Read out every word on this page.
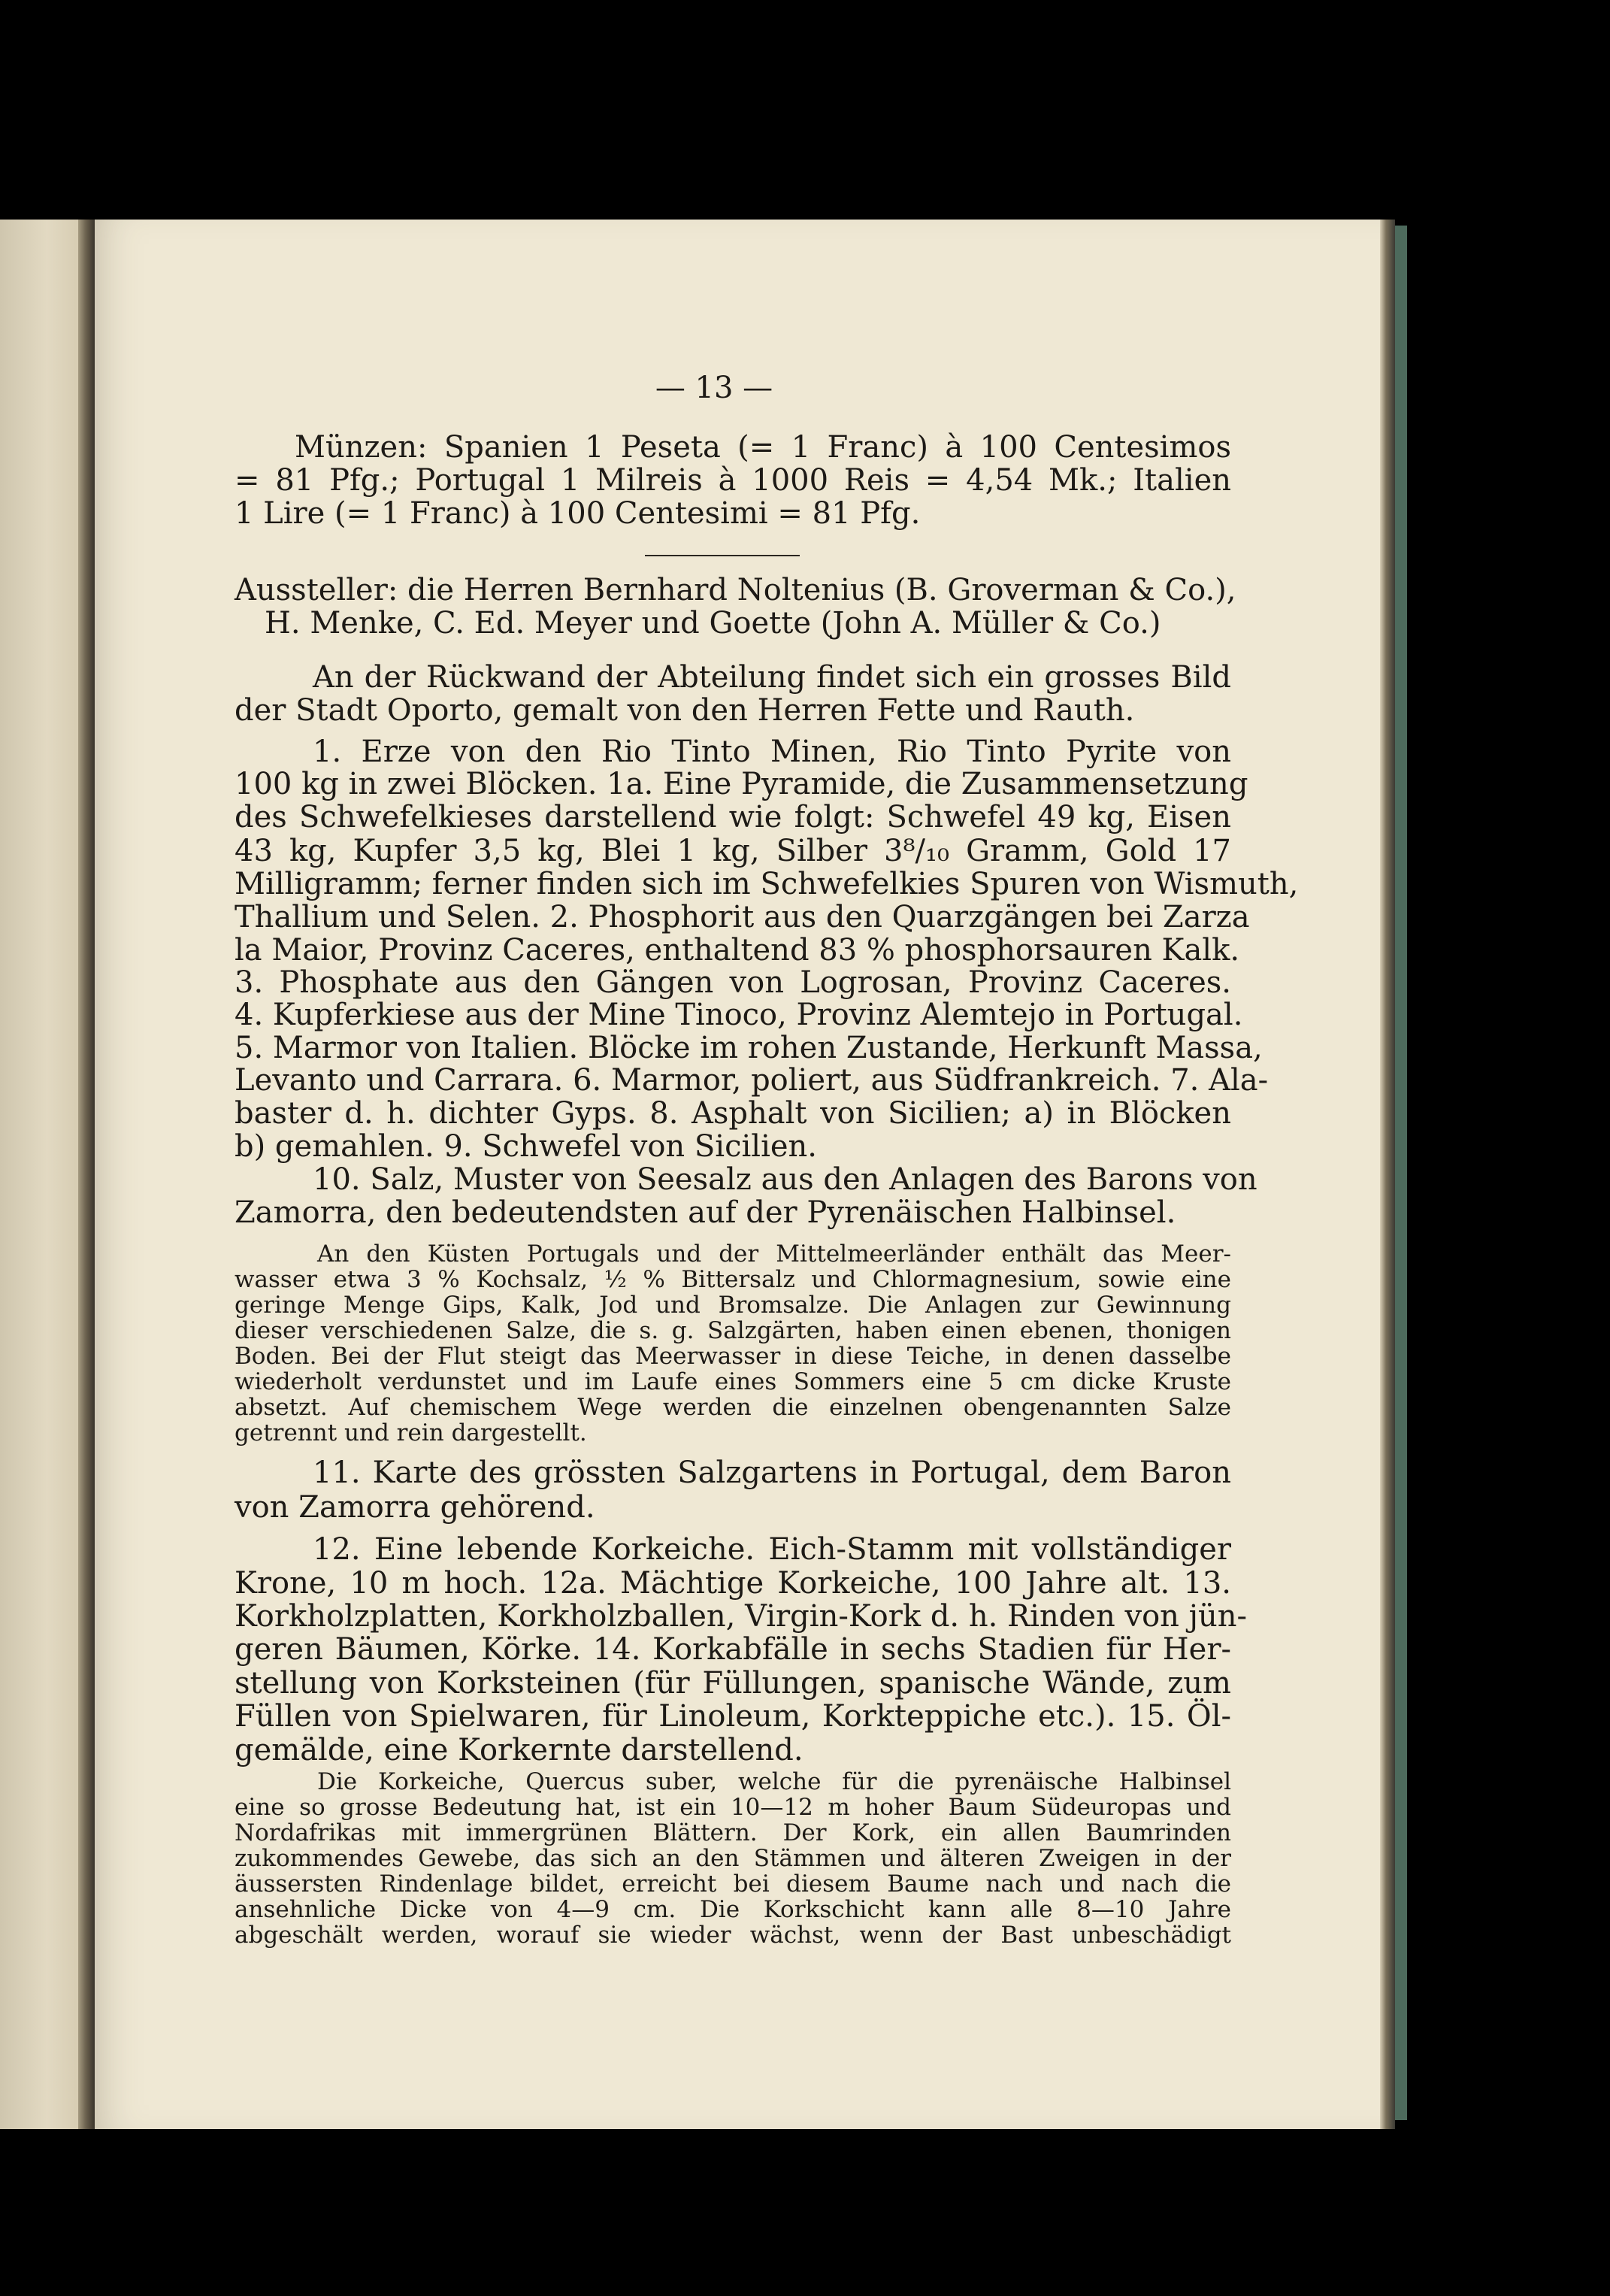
— 13 —
Münzen: Spanien 1 Peseta (= 1 Franc) à 100 Centesimos
= 81 Pfg.; Portugal 1 Milreis à 1000 Reis = 4,54 Mk.; Italien
1 Lire (= 1 Franc) à 100 Centesimi = 81 Pfg.
Aussteller: die Herren Bernhard Noltenius (B. Groverman & Co.),
H. Menke, C. Ed. Meyer und Goette (John A. Müller & Co.)
An der Rückwand der Abteilung findet sich ein grosses Bild
der Stadt Oporto, gemalt von den Herren Fette und Rauth.
1. Erze von den Rio Tinto Minen, Rio Tinto Pyrite von
100 kg in zwei Blöcken. 1a. Eine Pyramide, die Zusammensetzung
des Schwefelkieses darstellend wie folgt: Schwefel 49 kg, Eisen
43 kg, Kupfer 3,5 kg, Blei 1 kg, Silber 3⁸/₁₀ Gramm, Gold 17
Milligramm; ferner finden sich im Schwefelkies Spuren von Wismuth,
Thallium und Selen. 2. Phosphorit aus den Quarzgängen bei Zarza
la Maior, Provinz Caceres, enthaltend 83 % phosphorsauren Kalk.
3. Phosphate aus den Gängen von Logrosan, Provinz Caceres.
4. Kupferkiese aus der Mine Tinoco, Provinz Alemtejo in Portugal.
5. Marmor von Italien. Blöcke im rohen Zustande, Herkunft Massa,
Levanto und Carrara. 6. Marmor, poliert, aus Südfrankreich. 7. Ala-
baster d. h. dichter Gyps. 8. Asphalt von Sicilien; a) in Blöcken
b) gemahlen. 9. Schwefel von Sicilien.
10. Salz, Muster von Seesalz aus den Anlagen des Barons von
Zamorra, den bedeutendsten auf der Pyrenäischen Halbinsel.
An den Küsten Portugals und der Mittelmeerländer enthält das Meer-
wasser etwa 3 % Kochsalz, ½ % Bittersalz und Chlormagnesium, sowie eine
geringe Menge Gips, Kalk, Jod und Bromsalze. Die Anlagen zur Gewinnung
dieser verschiedenen Salze, die s. g. Salzgärten, haben einen ebenen, thonigen
Boden. Bei der Flut steigt das Meerwasser in diese Teiche, in denen dasselbe
wiederholt verdunstet und im Laufe eines Sommers eine 5 cm dicke Kruste
absetzt. Auf chemischem Wege werden die einzelnen obengenannten Salze
getrennt und rein dargestellt.
11. Karte des grössten Salzgartens in Portugal, dem Baron
von Zamorra gehörend.
12. Eine lebende Korkeiche. Eich-Stamm mit vollständiger
Krone, 10 m hoch. 12a. Mächtige Korkeiche, 100 Jahre alt. 13.
Korkholzplatten, Korkholzballen, Virgin-Kork d. h. Rinden von jün-
geren Bäumen, Körke. 14. Korkabfälle in sechs Stadien für Her-
stellung von Korksteinen (für Füllungen, spanische Wände, zum
Füllen von Spielwaren, für Linoleum, Korkteppiche etc.). 15. Öl-
gemälde, eine Korkernte darstellend.
Die Korkeiche, Quercus suber, welche für die pyrenäische Halbinsel
eine so grosse Bedeutung hat, ist ein 10—12 m hoher Baum Südeuropas und
Nordafrikas mit immergrünen Blättern. Der Kork, ein allen Baumrinden
zukommendes Gewebe, das sich an den Stämmen und älteren Zweigen in der
äussersten Rindenlage bildet, erreicht bei diesem Baume nach und nach die
ansehnliche Dicke von 4—9 cm. Die Korkschicht kann alle 8—10 Jahre
abgeschält werden, worauf sie wieder wächst, wenn der Bast unbeschädigt
